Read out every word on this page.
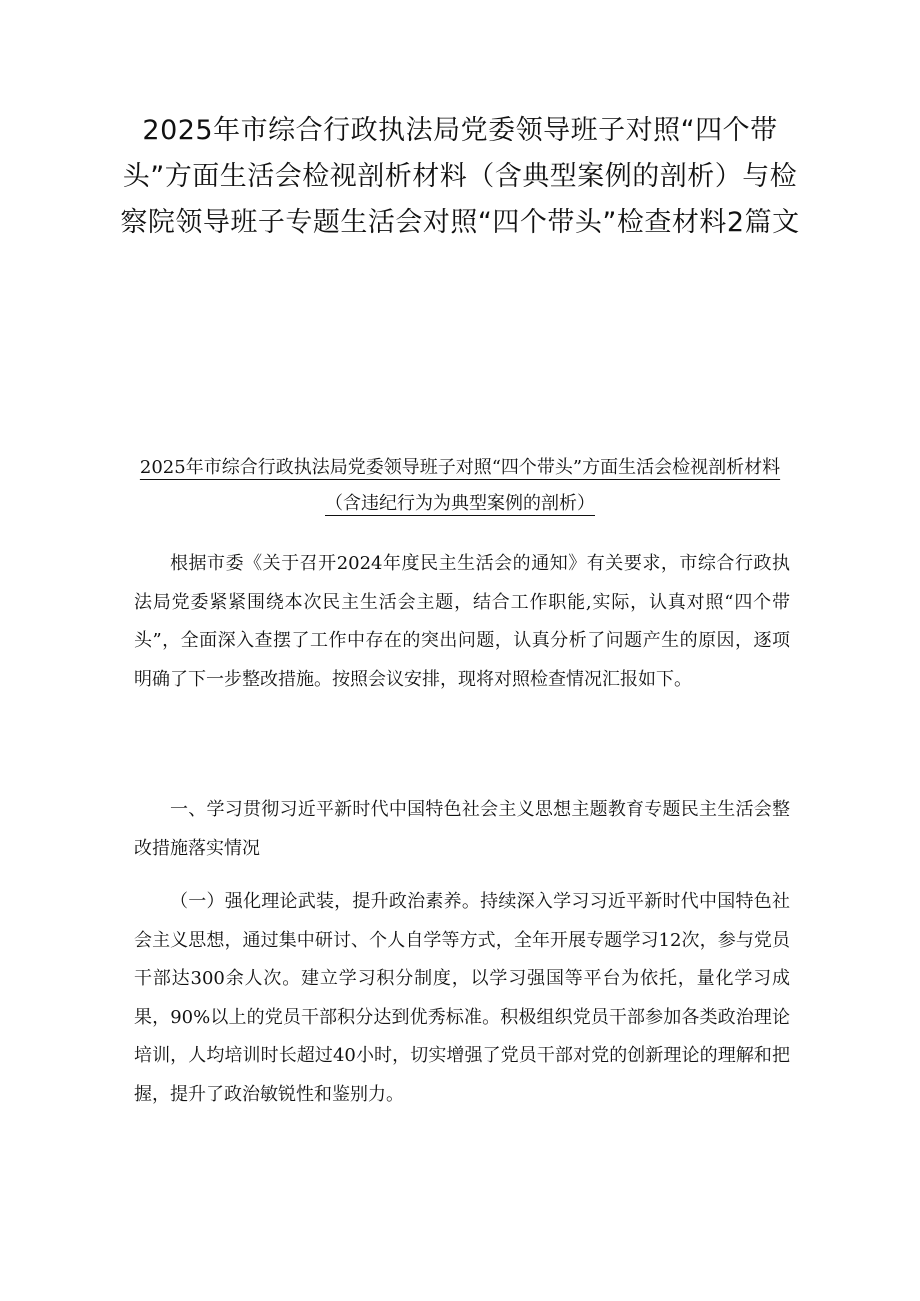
2025年市综合行政执法局党委领导班子对照“四个带头”方面生活会检视剖析材料（含典型案例的剖析）与检察院领导班子专题生活会对照“四个带头”检查材料2篇文
2025年市综合行政执法局党委领导班子对照“四个带头”方面生活会检视剖析材料（含违纪行为为典型案例的剖析）

根据市委《关于召开2024年度民主生活会的通知》有关要求，市综合行政执法局党委紧紧围绕本次民主生活会主题，结合工作职能,实际，认真对照“四个带头”，全面深入查摆了工作中存在的突出问题，认真分析了问题产生的原因，逐项明确了下一步整改措施。按照会议安排，现将对照检查情况汇报如下。

一、学习贯彻习近平新时代中国特色社会主义思想主题教育专题民主生活会整改措施落实情况

（一）强化理论武装，提升政治素养。持续深入学习习近平新时代中国特色社会主义思想，通过集中研讨、个人自学等方式，全年开展专题学习12次，参与党员干部达300余人次。建立学习积分制度，以学习强国等平台为依托，量化学习成果，90%以上的党员干部积分达到优秀标准。积极组织党员干部参加各类政治理论培训，人均培训时长超过40小时，切实增强了党员干部对党的创新理论的理解和把握，提升了政治敏锐性和鉴别力。
